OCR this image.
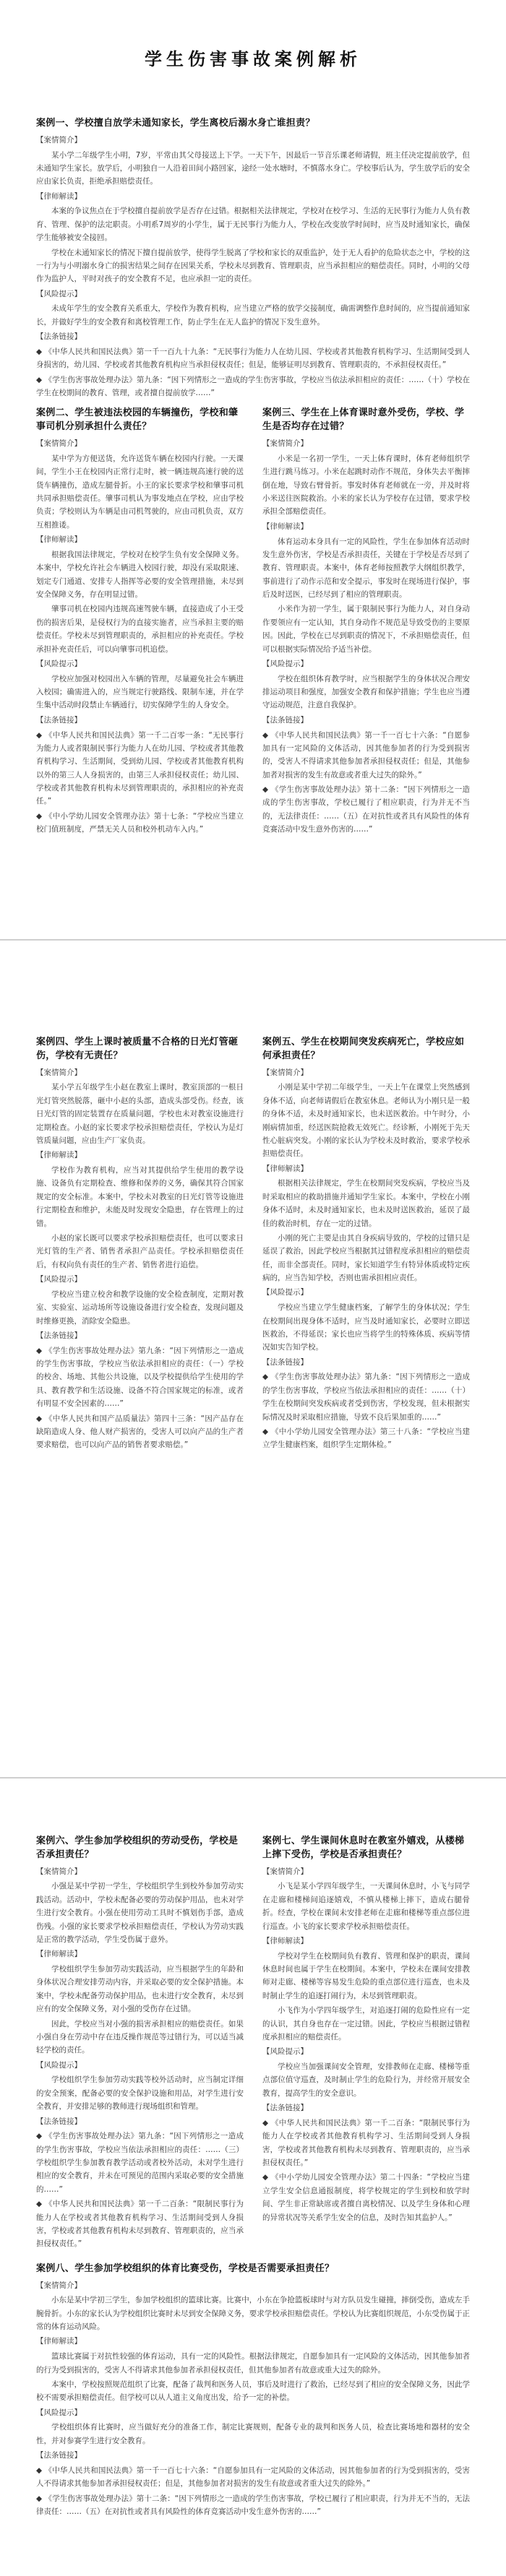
学生伤害事故案例解析
案例一、学校擅自放学未通知家长，学生离校后溺水身亡谁担责？
【案情简介】
某小学二年级学生小明，7岁，平常由其父母接送上下学。一天下午，因最后一节音乐课老师请假，班主任决定提前放学，但未通知学生家长。放学后，小明独自一人沿着田间小路回家，途经一处水塘时，不慎落水身亡。学校事后认为，学生放学后的安全应由家长负责，拒绝承担赔偿责任。
【律师解读】
本案的争议焦点在于学校擅自提前放学是否存在过错。根据相关法律规定，学校对在校学习、生活的无民事行为能力人负有教育、管理、保护的法定职责。小明系7周岁的小学生，属于无民事行为能力人，学校在改变放学时间时，应当及时通知家长，确保学生能够被安全接回。
学校在未通知家长的情况下擅自提前放学，使得学生脱离了学校和家长的双重监护，处于无人看护的危险状态之中，学校的这一行为与小明溺水身亡的损害结果之间存在因果关系，学校未尽到教育、管理职责，应当承担相应的赔偿责任。同时，小明的父母作为监护人，平时对孩子的安全教育不足，也应承担一定的责任。
【风险提示】
未成年学生的安全教育关系重大，学校作为教育机构，应当建立严格的放学交接制度，确需调整作息时间的，应当提前通知家长，并做好学生的安全教育和离校管理工作，防止学生在无人监护的情况下发生意外。
【法条链接】
◆ 《中华人民共和国民法典》第一千一百九十九条：“无民事行为能力人在幼儿园、学校或者其他教育机构学习、生活期间受到人身损害的，幼儿园、学校或者其他教育机构应当承担侵权责任；但是，能够证明尽到教育、管理职责的，不承担侵权责任。”
◆ 《学生伤害事故处理办法》第九条：“因下列情形之一造成的学生伤害事故，学校应当依法承担相应的责任：……（十）学校在学生在校期间的教育、管理，或者擅自提前放学……”
案例二、学生被违法校园的车辆撞伤，学校和肇事司机分别承担什么责任？
【案情简介】
某中学为方便送货，允许送货车辆在校园内行驶。一天课间，学生小王在校园内正常行走时，被一辆违规高速行驶的送货车辆撞伤，造成左腿骨折。小王的家长要求学校和肇事司机共同承担赔偿责任。肇事司机认为事发地点在学校，应由学校负责；学校则认为车辆是由司机驾驶的，应由司机负责，双方互相推诿。
【律师解读】
根据我国法律规定，学校对在校学生负有安全保障义务。本案中，学校允许社会车辆进入校园行驶，却没有采取限速、划定专门通道、安排专人指挥等必要的安全管理措施，未尽到安全保障义务，存在明显过错。
肇事司机在校园内违规高速驾驶车辆，直接造成了小王受伤的损害后果，是侵权行为的直接实施者，应当承担主要的赔偿责任。学校未尽到管理职责的，承担相应的补充责任。学校承担补充责任后，可以向肇事司机追偿。
【风险提示】
学校应加强对校园出入车辆的管理，尽量避免社会车辆进入校园；确需进入的，应当规定行驶路线、限制车速，并在学生集中活动时段禁止车辆通行，切实保障学生的人身安全。
【法条链接】
◆ 《中华人民共和国民法典》第一千二百零一条：“无民事行为能力人或者限制民事行为能力人在幼儿园、学校或者其他教育机构学习、生活期间，受到幼儿园、学校或者其他教育机构以外的第三人人身损害的，由第三人承担侵权责任；幼儿园、学校或者其他教育机构未尽到管理职责的，承担相应的补充责任。”
◆ 《中小学幼儿园安全管理办法》第十七条：“学校应当建立校门值班制度，严禁无关人员和校外机动车入内。”
案例三、学生在上体育课时意外受伤，学校、学生是否均存在过错？
【案情简介】
小米是一名初一学生，一天上体育课时，体育老师组织学生进行跳马练习。小米在起跳时动作不规范，身体失去平衡摔倒在地，导致右臂骨折。事发时体育老师就在一旁，并及时将小米送往医院救治。小米的家长认为学校存在过错，要求学校承担全部赔偿责任。
【律师解读】
体育运动本身具有一定的风险性，学生在参加体育活动时发生意外伤害，学校是否承担责任，关键在于学校是否尽到了教育、管理职责。本案中，体育老师按照教学大纲组织教学，事前进行了动作示范和安全提示，事发时在现场进行保护，事后及时送医，已经尽到了相应的管理职责。
小米作为初一学生，属于限制民事行为能力人，对自身动作要领应有一定认知，其自身动作不规范是导致受伤的主要原因。因此，学校在已尽到职责的情况下，不承担赔偿责任，但可以根据实际情况给予适当补偿。
【风险提示】
学校在组织体育教学时，应当根据学生的身体状况合理安排运动项目和强度，加强安全教育和保护措施；学生也应当遵守运动规范，注意自我保护。
【法条链接】
◆ 《中华人民共和国民法典》第一千一百七十六条：“自愿参加具有一定风险的文体活动，因其他参加者的行为受到损害的，受害人不得请求其他参加者承担侵权责任；但是，其他参加者对损害的发生有故意或者重大过失的除外。”
◆ 《学生伤害事故处理办法》第十二条：“因下列情形之一造成的学生伤害事故，学校已履行了相应职责，行为并无不当的，无法律责任：……（五）在对抗性或者具有风险性的体育竞赛活动中发生意外伤害的……”
案例四、学生上课时被质量不合格的日光灯管砸伤，学校有无责任？
【案情简介】
某小学五年级学生小赵在教室上课时，教室顶部的一根日光灯管突然脱落，砸中小赵的头部，造成头部受伤。经查，该日光灯管的固定装置存在质量问题，学校也未对教室设施进行定期检查。小赵的家长要求学校承担赔偿责任，学校认为是灯管质量问题，应由生产厂家负责。
【律师解读】
学校作为教育机构，应当对其提供给学生使用的教学设施、设备负有定期检查、维修和保养的义务，确保其符合国家规定的安全标准。本案中，学校未对教室的日光灯管等设施进行定期检查和维护，未能及时发现安全隐患，存在管理上的过错。
小赵的家长既可以要求学校承担赔偿责任，也可以要求日光灯管的生产者、销售者承担产品责任。学校承担赔偿责任后，有权向负有责任的生产者、销售者进行追偿。
【风险提示】
学校应当建立校舍和教学设施的安全检查制度，定期对教室、实验室、运动场所等设施设备进行安全检查，发现问题及时维修更换，消除安全隐患。
【法条链接】
◆ 《学生伤害事故处理办法》第九条：“因下列情形之一造成的学生伤害事故，学校应当依法承担相应的责任：（一）学校的校舍、场地、其他公共设施，以及学校提供给学生使用的学具、教育教学和生活设施、设备不符合国家规定的标准，或者有明显不安全因素的……”
◆ 《中华人民共和国产品质量法》第四十三条：“因产品存在缺陷造成人身、他人财产损害的，受害人可以向产品的生产者要求赔偿，也可以向产品的销售者要求赔偿。”
案例五、学生在校期间突发疾病死亡，学校应如何承担责任？
【案情简介】
小刚是某中学初二年级学生，一天上午在课堂上突然感到身体不适，向老师请假后在教室休息。老师认为小刚只是一般的身体不适，未及时通知家长，也未送医救治。中午时分，小刚病情加重，经送医院抢救无效死亡。经诊断，小刚死于先天性心脏病突发。小刚的家长认为学校未及时救治，要求学校承担赔偿责任。
【律师解读】
根据相关法律规定，学生在校期间突发疾病，学校应当及时采取相应的救助措施并通知学生家长。本案中，学校在小刚身体不适时，未及时通知家长，也未及时送医救治，延误了最佳的救治时机，存在一定的过错。
小刚的死亡主要是由其自身疾病导致的，学校的过错只是延误了救治，因此学校应当根据其过错程度承担相应的赔偿责任，而非全部责任。同时，家长知道学生有特异体质或特定疾病的，应当告知学校，否则也需承担相应责任。
【风险提示】
学校应当建立学生健康档案，了解学生的身体状况；学生在校期间出现身体不适时，应当及时通知家长，必要时立即送医救治，不得延误；家长也应当将学生的特殊体质、疾病等情况如实告知学校。
【法条链接】
◆ 《学生伤害事故处理办法》第九条：“因下列情形之一造成的学生伤害事故，学校应当依法承担相应的责任：……（十）学生在校期间突发疾病或者受到伤害，学校发现，但未根据实际情况及时采取相应措施，导致不良后果加重的……”
◆ 《中小学幼儿园安全管理办法》第三十八条：“学校应当建立学生健康档案，组织学生定期体检。”
案例六、学生参加学校组织的劳动受伤，学校是否承担责任？
【案情简介】
小强是某中学初一学生，学校组织学生到校外参加劳动实践活动。活动中，学校未配备必要的劳动保护用品，也未对学生进行安全教育。小强在使用劳动工具时不慎划伤手部，造成伤残。小强的家长要求学校承担赔偿责任，学校认为劳动实践是正常的教学活动，学生受伤属于意外。
【律师解读】
学校组织学生参加劳动实践活动，应当根据学生的年龄和身体状况合理安排劳动内容，并采取必要的安全保护措施。本案中，学校未配备劳动保护用品，也未进行安全教育，未尽到应有的安全保障义务，对小强的受伤存在过错。
因此，学校应当对小强的损害承担相应的赔偿责任。如果小强自身在劳动中存在违反操作规范等过错行为，可以适当减轻学校的责任。
【风险提示】
学校组织学生参加劳动实践等校外活动时，应当制定详细的安全预案，配备必要的安全保护设施和用品，对学生进行安全教育，并安排足够的教师进行现场组织和管理。
【法条链接】
◆ 《学生伤害事故处理办法》第九条：“因下列情形之一造成的学生伤害事故，学校应当依法承担相应的责任：……（三）学校组织学生参加教育教学活动或者校外活动，未对学生进行相应的安全教育，并未在可预见的范围内采取必要的安全措施的……”
◆ 《中华人民共和国民法典》第一千二百条：“限制民事行为能力人在学校或者其他教育机构学习、生活期间受到人身损害，学校或者其他教育机构未尽到教育、管理职责的，应当承担侵权责任。”
案例七、学生课间休息时在教室外嬉戏，从楼梯上摔下受伤，学校是否承担责任？
【案情简介】
小飞是某小学四年级学生，一天课间休息时，小飞与同学在走廊和楼梯间追逐嬉戏，不慎从楼梯上摔下，造成右腿骨折。经查，学校在课间未安排老师在走廊和楼梯等重点部位进行巡查。小飞的家长要求学校承担赔偿责任。
【律师解读】
学校对学生在校期间负有教育、管理和保护的职责，课间休息时间也属于学生在校期间。本案中，学校未在课间安排教师对走廊、楼梯等容易发生危险的重点部位进行巡查，也未及时制止学生的追逐打闹行为，未尽到管理职责。
小飞作为小学四年级学生，对追逐打闹的危险性应有一定的认识，其自身也存在一定过错。因此，学校应当根据过错程度承担相应的赔偿责任。
【风险提示】
学校应当加强课间安全管理，安排教师在走廊、楼梯等重点部位值守巡查，及时制止学生的危险行为，并经常开展安全教育，提高学生的安全意识。
【法条链接】
◆ 《中华人民共和国民法典》第一千二百条：“限制民事行为能力人在学校或者其他教育机构学习、生活期间受到人身损害，学校或者其他教育机构未尽到教育、管理职责的，应当承担侵权责任。”
◆ 《中小学幼儿园安全管理办法》第二十四条：“学校应当建立学生安全信息通报制度，将学校规定的学生到校和放学时间、学生非正常缺席或者擅自离校情况、以及学生身体和心理的异常状况等关系学生安全的信息，及时告知其监护人。”
案例八、学生参加学校组织的体育比赛受伤，学校是否需要承担责任？
【案情简介】
小东是某中学初三学生，参加学校组织的篮球比赛。比赛中，小东在争抢篮板球时与对方队员发生碰撞，摔倒受伤，造成左手腕骨折。小东的家长认为学校组织比赛时未尽到安全保障义务，要求学校承担赔偿责任。学校认为比赛组织规范，小东受伤属于正常的体育运动风险。
【律师解读】
篮球比赛属于对抗性较强的体育运动，具有一定的风险性。根据法律规定，自愿参加具有一定风险的文体活动，因其他参加者的行为受到损害的，受害人不得请求其他参加者承担侵权责任，但其他参加者有故意或重大过失的除外。
本案中，学校按照规范组织了比赛，配备了裁判和医务人员，事后及时进行了救治，已经尽到了相应的安全保障义务，因此学校不需要承担赔偿责任。但学校可以从人道主义角度出发，给予一定的补偿。
【风险提示】
学校组织体育比赛时，应当做好充分的准备工作，制定比赛规则，配备专业的裁判和医务人员，检查比赛场地和器材的安全性，并对参赛学生进行安全教育。
【法条链接】
◆ 《中华人民共和国民法典》第一千一百七十六条：“自愿参加具有一定风险的文体活动，因其他参加者的行为受到损害的，受害人不得请求其他参加者承担侵权责任；但是，其他参加者对损害的发生有故意或者重大过失的除外。”
◆ 《学生伤害事故处理办法》第十二条：“因下列情形之一造成的学生伤害事故，学校已履行了相应职责，行为并无不当的，无法律责任：……（五）在对抗性或者具有风险性的体育竞赛活动中发生意外伤害的……”
